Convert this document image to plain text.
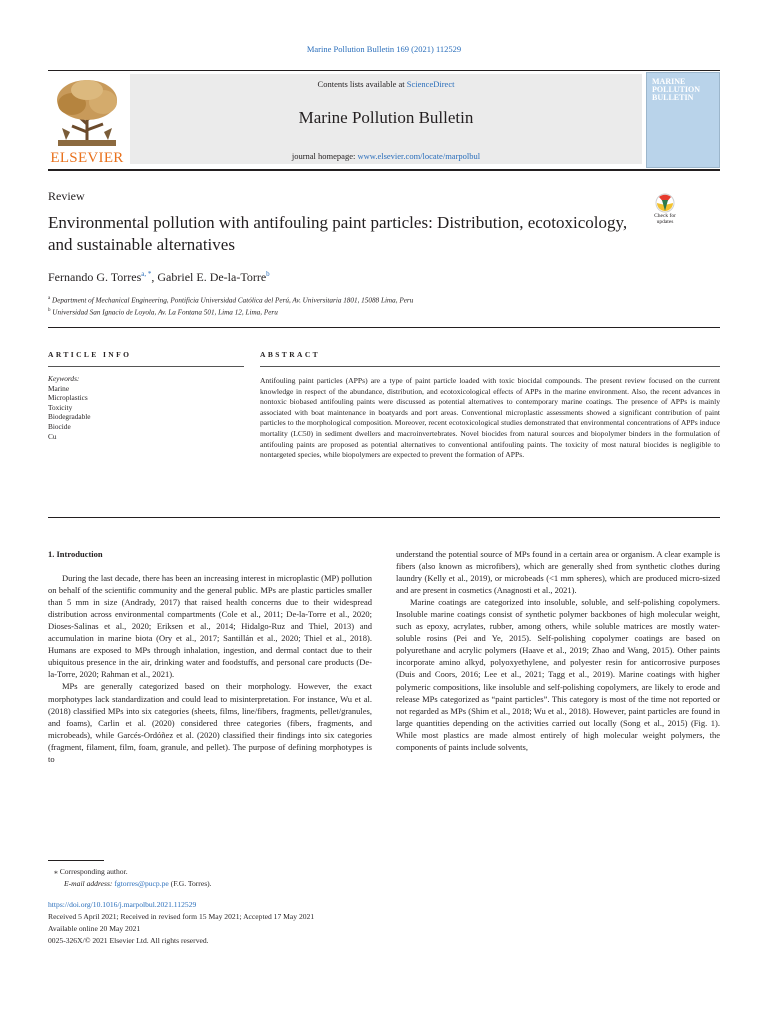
Marine Pollution Bulletin 169 (2021) 112529
ELSEVIER
Contents lists available at ScienceDirect
Marine Pollution Bulletin
journal homepage: www.elsevier.com/locate/marpolbul
MARINE POLLUTION BULLETIN
Review
Check for updates
Environmental pollution with antifouling paint particles: Distribution, ecotoxicology, and sustainable alternatives
Fernando G. Torres$^{a, *}$, Gabriel E. De-la-Torre$^b$
$^a$ Department of Mechanical Engineering, Pontificia Universidad Católica del Perú, Av. Universitaria 1801, 15088 Lima, Peru
$^b$ Universidad San Ignacio de Loyola, Av. La Fontana 501, Lima 12, Lima, Peru
ARTICLE INFO	ABSTRACT
Keywords:
Marine
Microplastics
Toxicity
Biodegradable
Biocide
Cu
Antifouling paint particles (APPs) are a type of paint particle loaded with toxic biocidal compounds. The present review focused on the current knowledge in respect of the abundance, distribution, and ecotoxicological effects of APPs in the marine environment. Also, the recent advances in nontoxic biobased antifouling paints were discussed as potential alternatives to contemporary marine coatings. The presence of APPs is mainly associated with boat maintenance in boatyards and port areas. Conventional microplastic assessments showed a significant contribution of paint particles to the morphological composition. Moreover, recent ecotoxicological studies demonstrated that environmental concentrations of APPs induce mortality (LC50) in sediment dwellers and macroinvertebrates. Novel biocides from natural sources and biopolymer binders in the formulation of antifouling paints are proposed as potential alternatives to conventional antifouling paints. The toxicity of most natural biocides is negligible to nontargeted species, while biopolymers are expected to prevent the formation of APPs.
1. Introduction

During the last decade, there has been an increasing interest in microplastic (MP) pollution on behalf of the scientific community and the general public. MPs are plastic particles smaller than 5 mm in size (Andrady, 2017) that raised health concerns due to their widespread distribution across environmental compartments (Cole et al., 2011; De-la-Torre et al., 2020; Dioses-Salinas et al., 2020; Eriksen et al., 2014; Hidalgo-Ruz and Thiel, 2013) and accumulation in marine biota (Ory et al., 2017; Santillán et al., 2020; Thiel et al., 2018). Humans are exposed to MPs through inhalation, ingestion, and dermal contact due to their ubiquitous presence in the air, drinking water and foodstuffs, and personal care products (De-la-Torre, 2020; Rahman et al., 2021).

MPs are generally categorized based on their morphology. However, the exact morphotypes lack standardization and could lead to misinterpretation. For instance, Wu et al. (2018) classified MPs into six categories (sheets, films, line/fibers, fragments, pellet/granules, and foams), Carlin et al. (2020) considered three categories (fibers, fragments, and microbeads), while Garcés-Ordóñez et al. (2020) classified their findings into six categories (fragment, filament, film, foam, granule, and pellet). The purpose of defining morphotypes is to

understand the potential source of MPs found in a certain area or organism. A clear example is fibers (also known as microfibers), which are generally shed from synthetic clothes during laundry (Kelly et al., 2019), or microbeads (<1 mm spheres), which are produced micro-sized and are present in cosmetics (Anagnosti et al., 2021).

Marine coatings are categorized into insoluble, soluble, and self-polishing copolymers. Insoluble marine coatings consist of synthetic polymer backbones of high molecular weight, such as epoxy, acrylates, rubber, among others, while soluble matrices are mostly water-soluble rosins (Pei and Ye, 2015). Self-polishing copolymer coatings are based on polyurethane and acrylic polymers (Haave et al., 2019; Zhao and Wang, 2015). Other paints incorporate amino alkyd, polyoxyethylene, and polyester resin for anticorrosive purposes (Duis and Coors, 2016; Lee et al., 2021; Tagg et al., 2019). Marine coatings with higher polymeric compositions, like insoluble and self-polishing copolymers, are likely to erode and release MPs categorized as “paint particles”. This category is most of the time not reported or not regarded as MPs (Shim et al., 2018; Wu et al., 2018). However, paint particles are found in large quantities depending on the activities carried out locally (Song et al., 2015) (Fig. 1). While most plastics are made almost entirely of high molecular weight polymers, the components of paints include solvents,

⁎ Corresponding author.
E-mail address: fgtorres@pucp.pe (F.G. Torres).
https://doi.org/10.1016/j.marpolbul.2021.112529
Received 5 April 2021; Received in revised form 15 May 2021; Accepted 17 May 2021
Available online 20 May 2021
0025-326X/© 2021 Elsevier Ltd. All rights reserved.
